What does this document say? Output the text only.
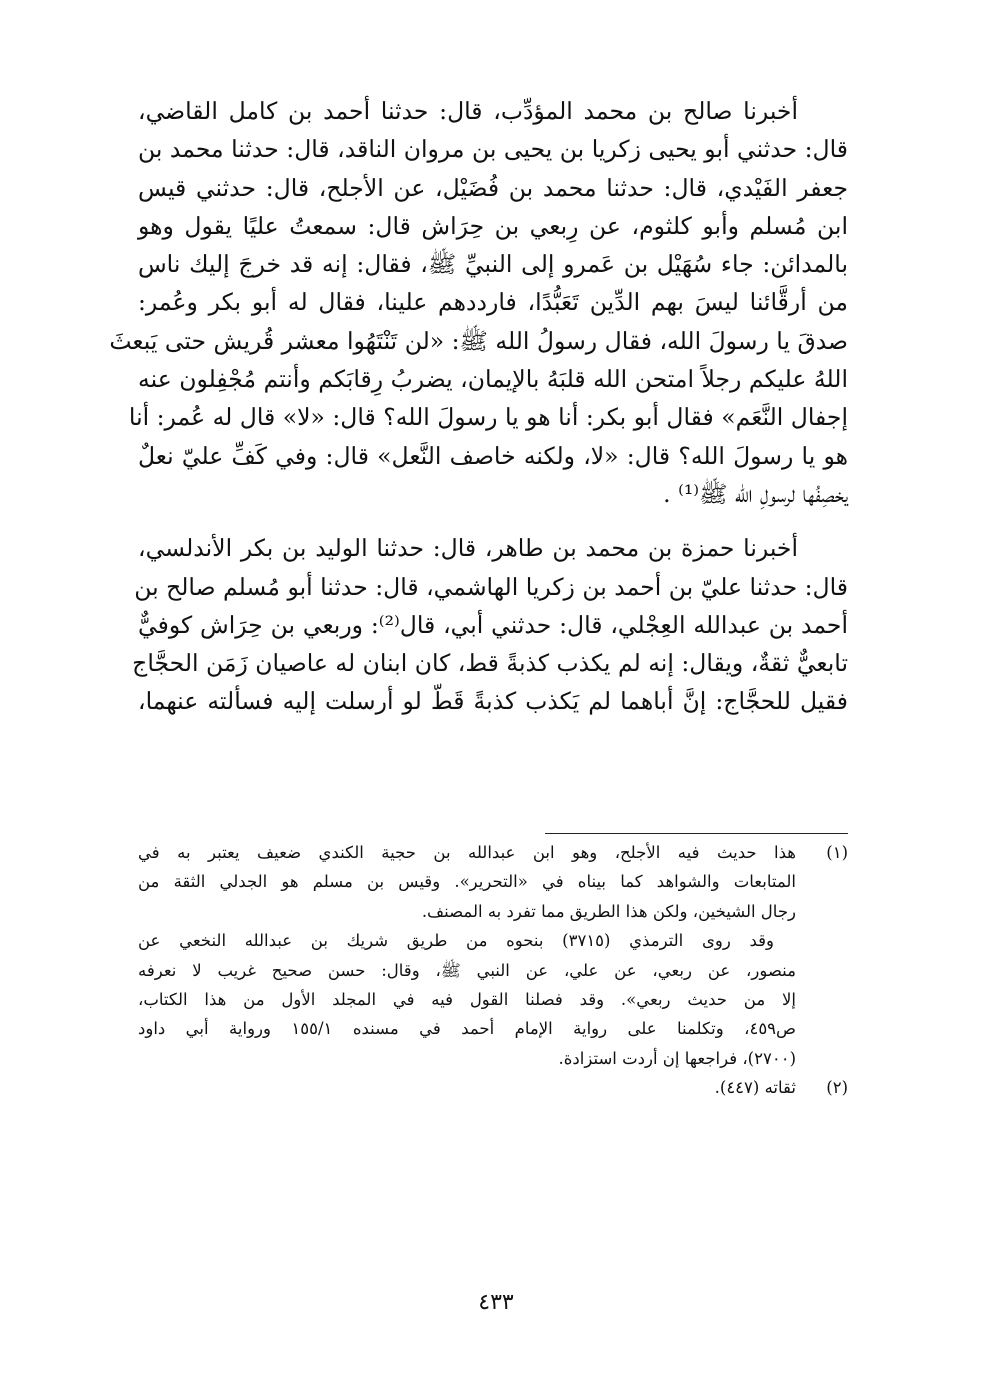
أخبرنا صالح بن محمد المؤدِّب، قال: حدثنا أحمد بن كامل القاضي،
قال: حدثني أبو يحيى زكريا بن يحيى بن مروان الناقد، قال: حدثنا محمد بن
جعفر الفَيْدي، قال: حدثنا محمد بن فُضَيْل، عن الأجلح، قال: حدثني قيس
ابن مُسلم وأبو كلثوم، عن رِبعي بن حِرَاش قال: سمعتُ عليًا يقول وهو
بالمدائن: جاء سُهَيْل بن عَمرو إلى النبيِّ ﷺ، فقال: إنه قد خرجَ إليك ناس
من أرقَّائنا ليسَ بهم الدِّين تَعَبُّدًا، فارددهم علينا، فقال له أبو بكر وعُمر:
صدقَ يا رسولَ الله، فقال رسولُ الله ﷺ: «لن تَنْتَهُوا معشر قُريش حتى يَبعثَ
اللهُ عليكم رجلاً امتحن الله قلبَهُ بالإيمان، يضربُ رِقابَكم وأنتم مُجْفِلون عنه
إجفال النَّعَم» فقال أبو بكر: أنا هو يا رسولَ الله؟ قال: «لا» قال له عُمر: أنا
هو يا رسولَ الله؟ قال: «لا، ولكنه خاصف النَّعل» قال: وفي كَفِّ عليّ نعلٌ
يخصِفُها لرسولِ الله ﷺ⁽¹⁾ .
أخبرنا حمزة بن محمد بن طاهر، قال: حدثنا الوليد بن بكر الأندلسي،
قال: حدثنا عليّ بن أحمد بن زكريا الهاشمي، قال: حدثنا أبو مُسلم صالح بن
أحمد بن عبدالله العِجْلي، قال: حدثني أبي، قال⁽²⁾: وربعي بن حِرَاش كوفيٌّ
تابعيٌّ ثقةٌ، ويقال: إنه لم يكذب كذبةً قط، كان ابنان له عاصيان زَمَن الحجَّاج
فقيل للحجَّاج: إنَّ أباهما لم يَكذب كذبةً قَطّ لو أرسلت إليه فسألته عنهما،
(١)
هذا حديث فيه الأجلح، وهو ابن عبدالله بن حجية الكندي ضعيف يعتبر به في
المتابعات والشواهد كما بيناه في «التحرير». وقيس بن مسلم هو الجدلي الثقة من
رجال الشيخين، ولكن هذا الطريق مما تفرد به المصنف.
وقد روى الترمذي (٣٧١٥) بنحوه من طريق شريك بن عبدالله النخعي عن
منصور، عن ربعي، عن علي، عن النبي ﷺ، وقال: حسن صحيح غريب لا نعرفه
إلا من حديث ربعي». وقد فصلنا القول فيه في المجلد الأول من هذا الكتاب،
ص٤٥٩، وتكلمنا على رواية الإمام أحمد في مسنده ١٥٥/١ ورواية أبي داود
(٢٧٠٠)، فراجعها إن أردت استزادة.
(٢)
ثقاته (٤٤٧).
٤٣٣
